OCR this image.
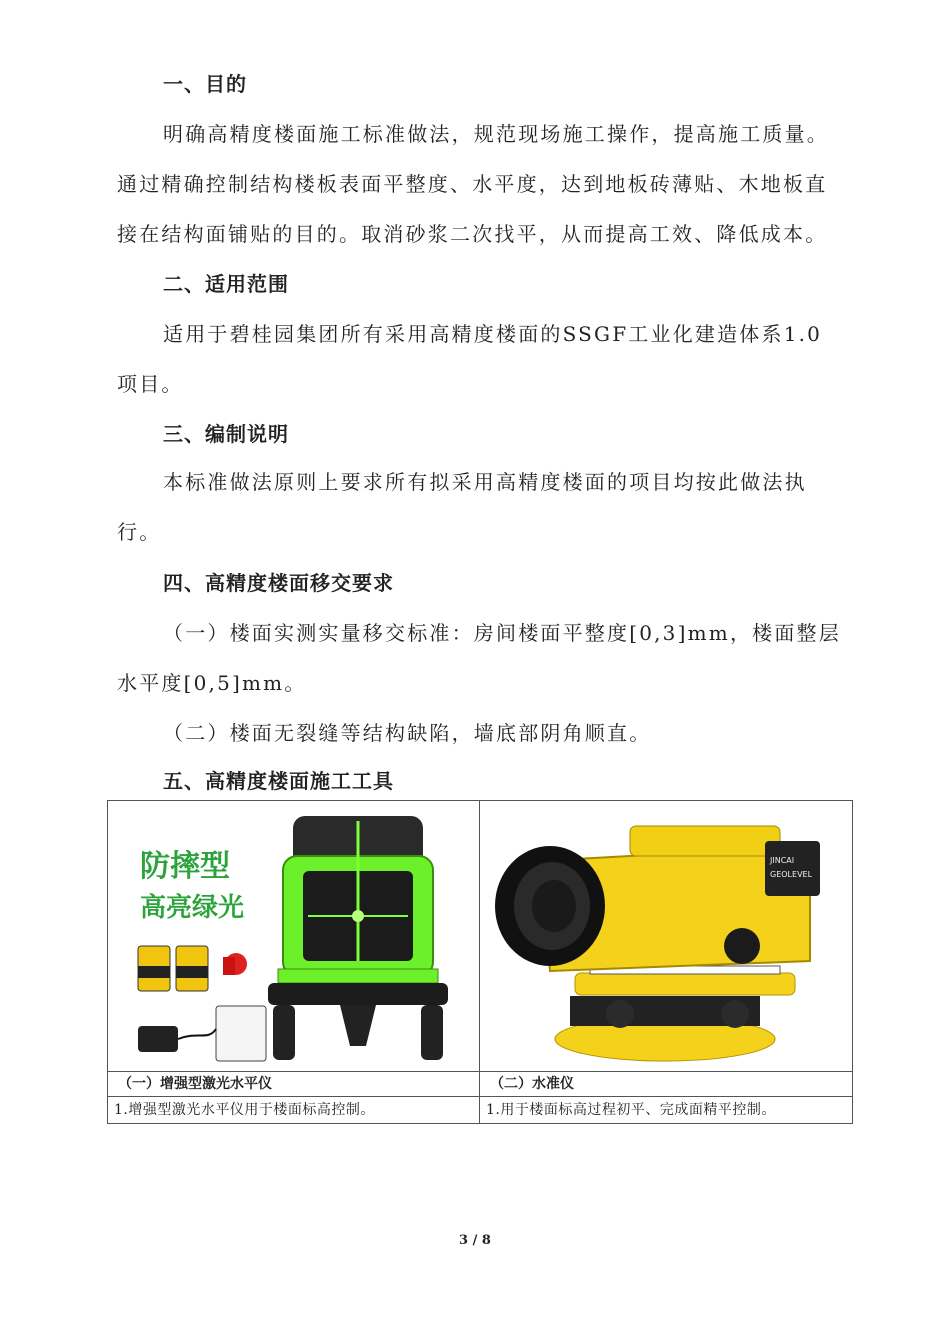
一、目的
明确高精度楼面施工标准做法，规范现场施工操作，提高施工质量。
通过精确控制结构楼板表面平整度、水平度，达到地板砖薄贴、木地板直
接在结构面铺贴的目的。取消砂浆二次找平，从而提高工效、降低成本。
二、适用范围
适用于碧桂园集团所有采用高精度楼面的SSGF工业化建造体系1.0
项目。
三、编制说明
本标准做法原则上要求所有拟采用高精度楼面的项目均按此做法执
行。
四、高精度楼面移交要求
（一）楼面实测实量移交标准：房间楼面平整度[0,3]mm，楼面整层
水平度[0,5]mm。
（二）楼面无裂缝等结构缺陷，墙底部阴角顺直。
五、高精度楼面施工工具
防摔型
高亮绿光	JINCAI
GEOLEVEL

（一）增强型激光水平仪	（二）水准仪
1.增强型激光水平仪用于楼面标高控制。	1.用于楼面标高过程初平、完成面精平控制。
3 / 8
